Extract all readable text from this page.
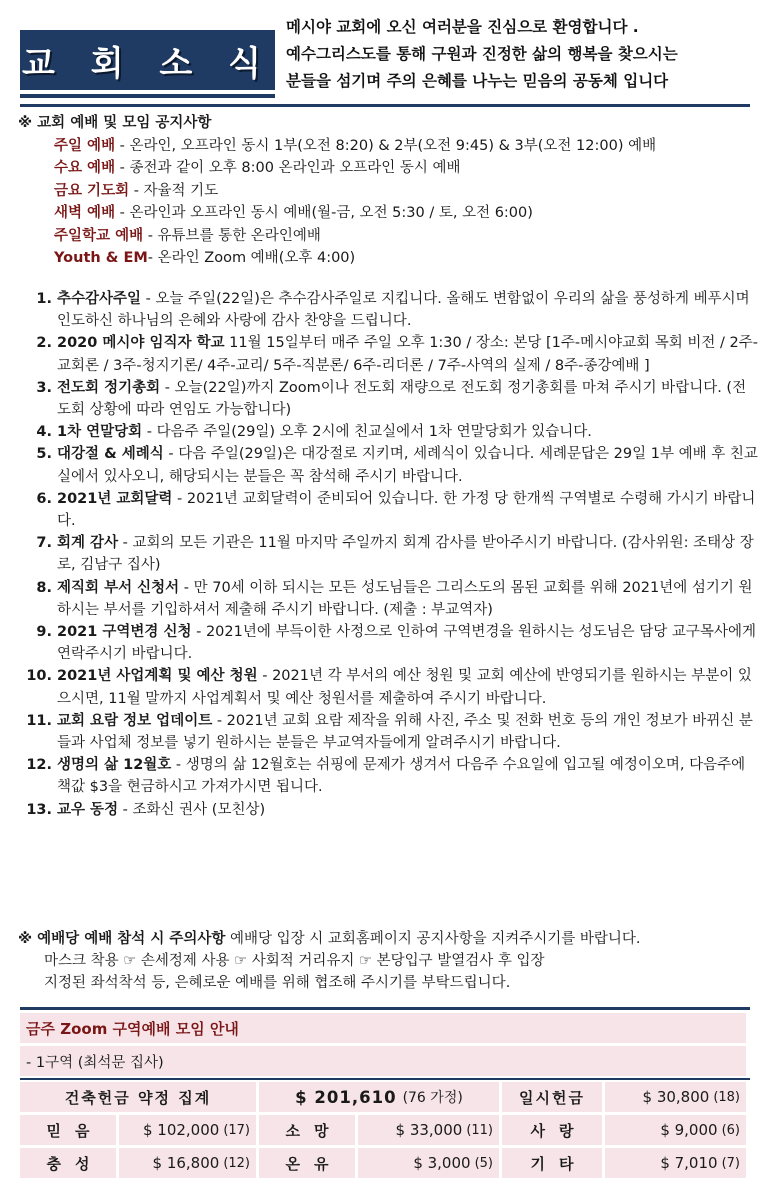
교 회 소 식
메시야 교회에 오신 여러분을 진심으로 환영합니다 .
예수그리스도를 통해 구원과 진정한 삶의 행복을 찾으시는
분들을 섬기며 주의 은혜를 나누는 믿음의 공동체 입니다
※ 교회 예배 및 모임 공지사항
주일 예배 - 온라인, 오프라인 동시 1부(오전 8:20) & 2부(오전 9:45) & 3부(오전 12:00) 예배
수요 예배 - 종전과 같이 오후 8:00 온라인과 오프라인 동시 예배
금요 기도회 - 자율적 기도
새벽 예배 - 온라인과 오프라인 동시 예배(월-금, 오전 5:30 / 토, 오전 6:00)
주일학교 예배 - 유튜브를 통한 온라인예배
Youth & EM- 온라인 Zoom 예배(오후 4:00)
1. 추수감사주일 - 오늘 주일(22일)은 추수감사주일로 지킵니다. 올해도 변함없이 우리의 삶을 풍성하게 베푸시며 인도하신 하나님의 은혜와 사랑에 감사 찬양을 드립니다.
2. 2020 메시야 임직자 학교 11월 15일부터 매주 주일 오후 1:30 / 장소: 본당 [1주-메시야교회 목회 비전 / 2주-교회론 / 3주-청지기론/ 4주-교리/ 5주-직분론/ 6주-리더론 / 7주-사역의 실제 / 8주-종강예배 ]
3. 전도회 정기총회 - 오늘(22일)까지 Zoom이나 전도회 재량으로 전도회 정기총회를 마쳐 주시기 바랍니다. (전도회 상황에 따라 연임도 가능합니다)
4. 1차 연말당회 - 다음주 주일(29일) 오후 2시에 친교실에서 1차 연말당회가 있습니다.
5. 대강절 & 세례식 - 다음 주일(29일)은 대강절로 지키며, 세례식이 있습니다. 세례문답은 29일 1부 예배 후 친교실에서 있사오니, 해당되시는 분들은 꼭 참석해 주시기 바랍니다.
6. 2021년 교회달력 - 2021년 교회달력이 준비되어 있습니다. 한 가정 당 한개씩 구역별로 수령해 가시기 바랍니다.
7. 회계 감사 - 교회의 모든 기관은 11월 마지막 주일까지 회계 감사를 받아주시기 바랍니다. (감사위원: 조태상 장로, 김남구 집사)
8. 제직회 부서 신청서 - 만 70세 이하 되시는 모든 성도님들은 그리스도의 몸된 교회를 위해 2021년에 섬기기 원하시는 부서를 기입하셔서 제출해 주시기 바랍니다. (제출 : 부교역자)
9. 2021 구역변경 신청 - 2021년에 부득이한 사정으로 인하여 구역변경을 원하시는 성도님은 담당 교구목사에게 연락주시기 바랍니다.
10. 2021년 사업계획 및 예산 청원 - 2021년 각 부서의 예산 청원 및 교회 예산에 반영되기를 원하시는 부분이 있으시면, 11월 말까지 사업계획서 및 예산 청원서를 제출하여 주시기 바랍니다.
11. 교회 요람 정보 업데이트 - 2021년 교회 요람 제작을 위해 사진, 주소 및 전화 번호 등의 개인 정보가 바뀌신 분들과 사업체 정보를 넣기 원하시는 분들은 부교역자들에게 알려주시기 바랍니다.
12. 생명의 삶 12월호 - 생명의 삶 12월호는 쉬핑에 문제가 생겨서 다음주 수요일에 입고될 예정이오며, 다음주에 책값 $3을 현금하시고 가져가시면 됩니다.
13. 교우 동정 - 조화신 권사 (모친상)
※ 예배당 예배 참석 시 주의사항 예배당 입장 시 교회홈페이지 공지사항을 지켜주시기를 바랍니다.
마스크 착용 ☞ 손세정제 사용 ☞ 사회적 거리유지 ☞ 본당입구 발열검사 후 입장
지정된 좌석착석 등, 은혜로운 예배를 위해 협조해 주시기를 부탁드립니다.
금주 Zoom 구역예배 모임 안내
- 1구역 (최석문 집사)
건축헌금 약정 집계	$ 201,610 (76 가정)	일시헌금	$ 30,800 (18)
믿음	$ 102,000 (17)	소망	$ 33,000 (11)	사랑	$ 9,000 (6)
충성	$ 16,800 (12)	온유	$ 3,000 (5)	기타	$ 7,010 (7)
